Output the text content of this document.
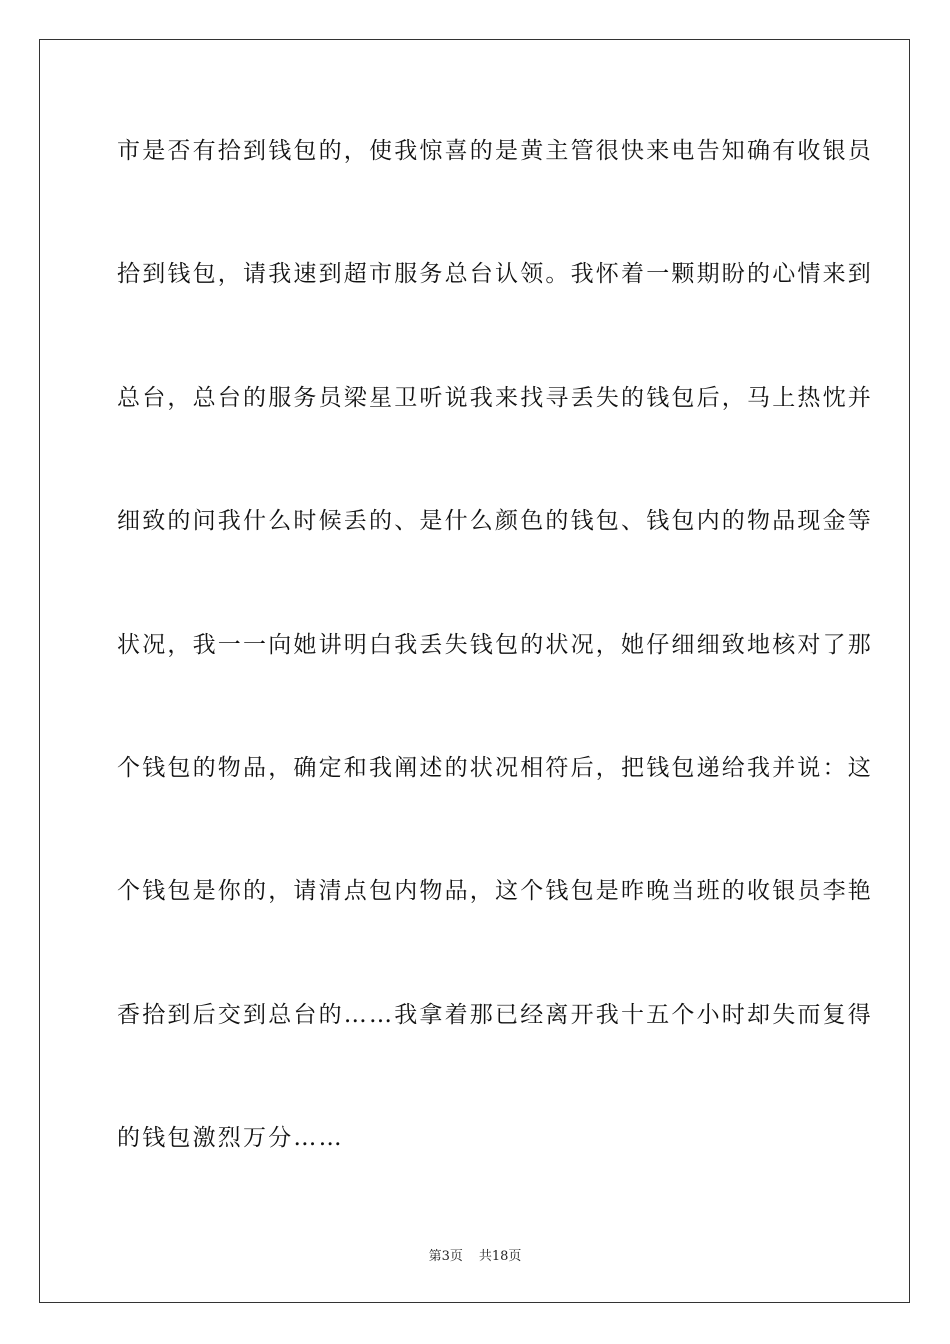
市是否有拾到钱包的，使我惊喜的是黄主管很快来电告知确有收银员
拾到钱包，请我速到超市服务总台认领。我怀着一颗期盼的心情来到
总台，总台的服务员梁星卫听说我来找寻丢失的钱包后，马上热忱并
细致的问我什么时候丢的、是什么颜色的钱包、钱包内的物品现金等
状况，我一一向她讲明白我丢失钱包的状况，她仔细细致地核对了那
个钱包的物品，确定和我阐述的状况相符后，把钱包递给我并说：这
个钱包是你的，请清点包内物品，这个钱包是昨晚当班的收银员李艳
香拾到后交到总台的……我拿着那已经离开我十五个小时却失而复得
的钱包激烈万分……
第3页 共18页
